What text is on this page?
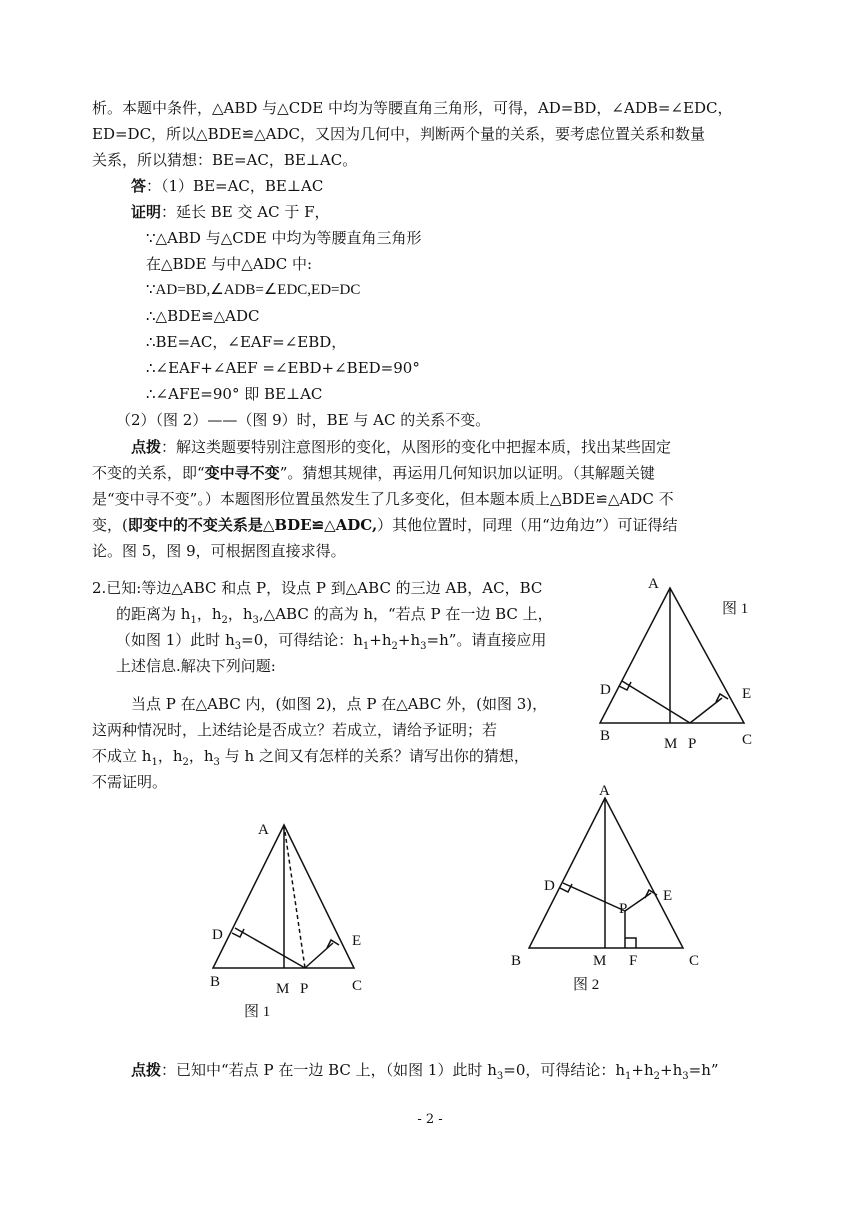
析。本题中条件，△ABD 与△CDE 中均为等腰直角三角形，可得，AD=BD，∠ADB=∠EDC，
ED=DC，所以△BDE≌△ADC，又因为几何中，判断两个量的关系，要考虑位置关系和数量
关系，所以猜想：BE=AC，BE⊥AC。
答：（1）BE=AC，BE⊥AC
证明：延长 BE 交 AC 于 F，
∵△ABD 与△CDE 中均为等腰直角三角形
在△BDE 与中△ADC 中:
∵AD=BD,∠ADB=∠EDC,ED=DC
∴△BDE≌△ADC
∴BE=AC，∠EAF=∠EBD，
∴∠EAF+∠AEF =∠EBD+∠BED=90°
∴∠AFE=90° 即 BE⊥AC
（2）（图 2）——（图 9）时，BE 与 AC 的关系不变。
点拨：解这类题要特别注意图形的变化，从图形的变化中把握本质，找出某些固定
不变的关系，即“变中寻不变”。猜想其规律，再运用几何知识加以证明。（其解题关键
是“变中寻不变”。）本题图形位置虽然发生了几多变化，但本题本质上△BDE≌△ADC 不
变，(即变中的不变关系是△BDE≌△ADC,）其他位置时，同理（用“边角边”）可证得结
论。图 5，图 9，可根据图直接求得。
2.已知:等边△ABC 和点 P，设点 P 到△ABC 的三边 AB，AC，BC
的距离为 $h_1$，$h_2$，$h_3,\triangle ABC$ 的高为 h，“若点 P 在一边 BC 上，
（如图 1）此时 $h_3=0$，可得结论：$h_1+h_2+h_3=h$”。请直接应用
上述信息.解决下列问题:
当点 P 在△ABC 内，(如图 2)，点 P 在△ABC 外，(如图 3)，
这两种情况时，上述结论是否成立？若成立，请给予证明；若
不成立 $h_1$，$h_2$，$h_3$ 与 h 之间又有怎样的关系？请写出你的猜想，
不需证明。
A
图 1
D	E
B	M P	C
A
D	E
B	M P	C
图 1
A
D
E
P
B	M F	C
图 2
点拨：已知中“若点 P 在一边 BC 上，（如图 1）此时 $h_3=0$，可得结论：$h_1+h_2+h_3=h$”
- 2 -
